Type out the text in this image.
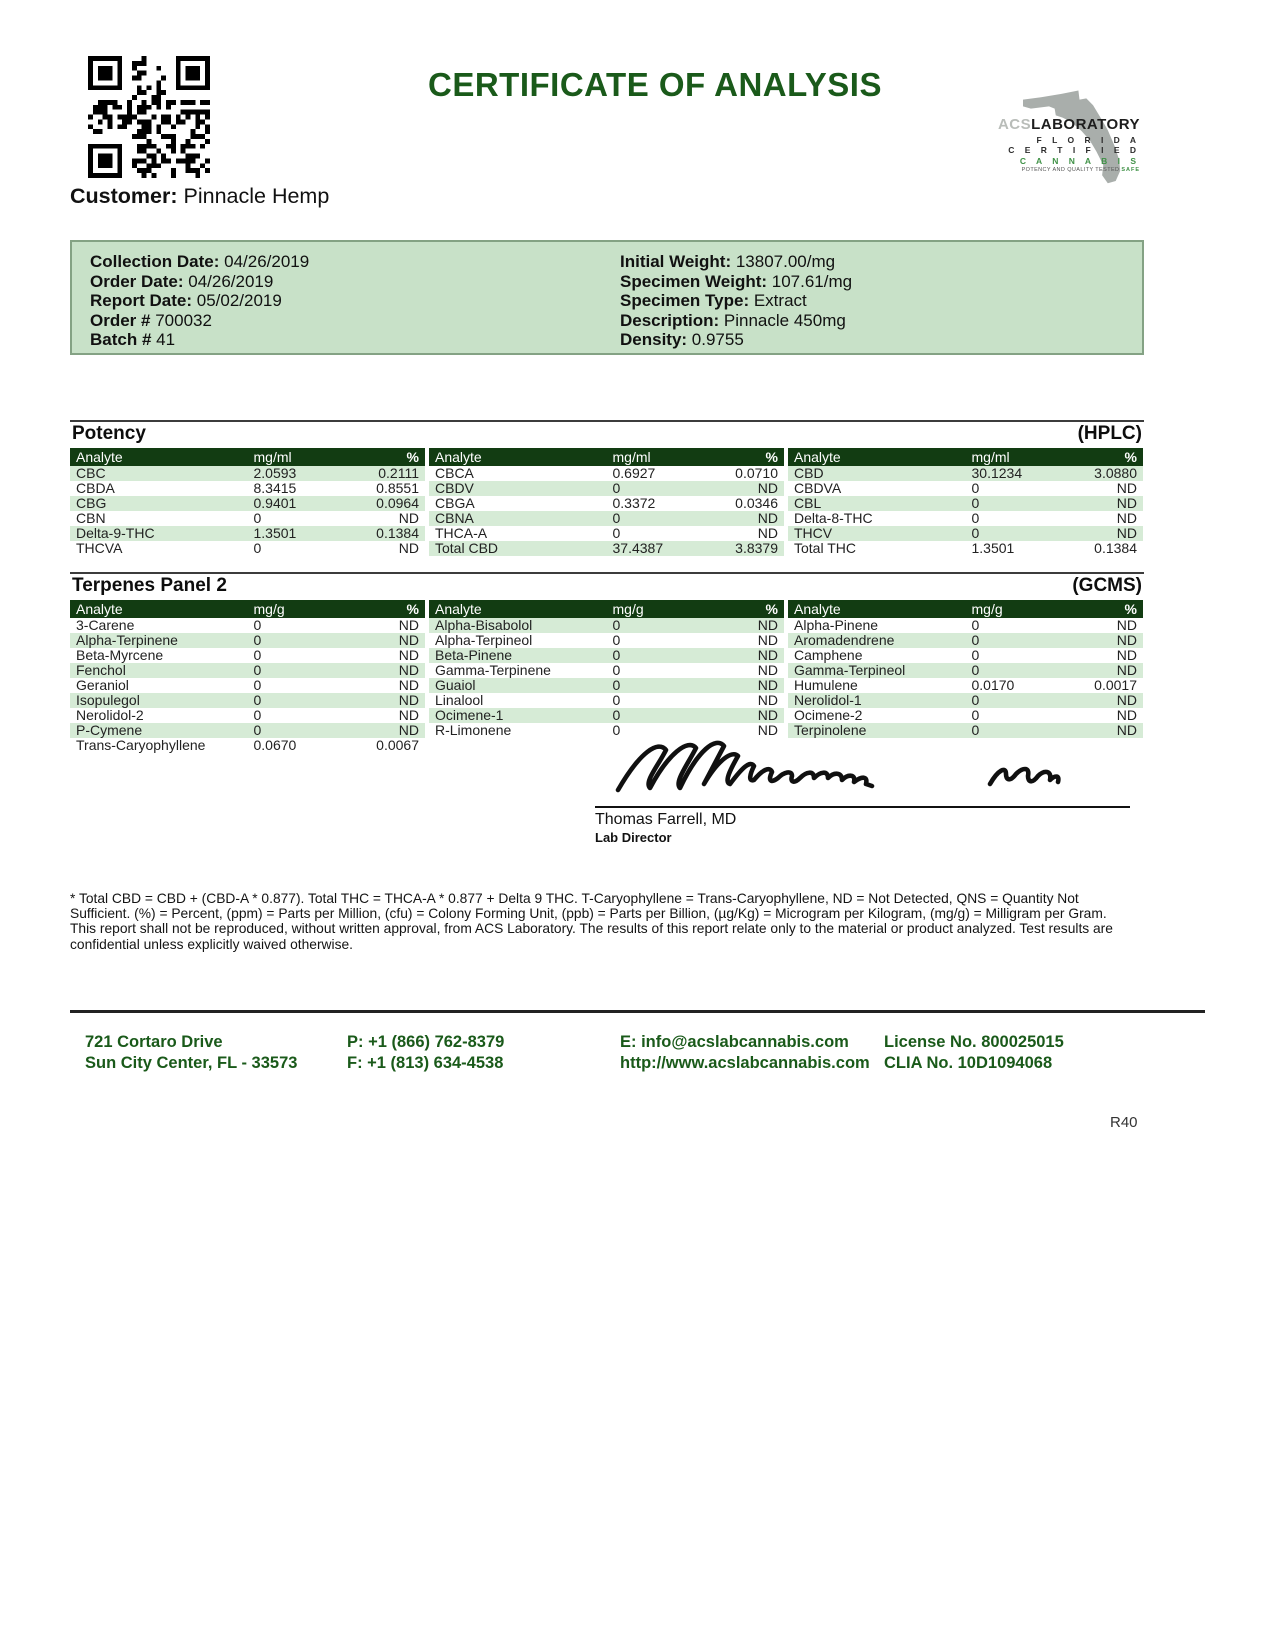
CERTIFICATE OF ANALYSIS
ACSLABORATORY
F L O R I D A
C E R T I F I E D
C A N N A B I S
POTENCY AND QUALITY TESTED SAFE
Customer: Pinnacle Hemp
Collection Date: 04/26/2019
Order Date: 04/26/2019
Report Date: 05/02/2019
Order # 700032
Batch # 41
Initial Weight: 13807.00/mg
Specimen Weight: 107.61/mg
Specimen Type: Extract
Description: Pinnacle 450mg
Density: 0.9755
Potency	(HPLC)
Analyte	mg/ml	%
CBC	2.0593	0.2111
CBDA	8.3415	0.8551
CBG	0.9401	0.0964
CBN	0	ND
Delta-9-THC	1.3501	0.1384
THCVA	0	ND
Analyte	mg/ml	%
CBCA	0.6927	0.0710
CBDV	0	ND
CBGA	0.3372	0.0346
CBNA	0	ND
THCA-A	0	ND
Total CBD	37.4387	3.8379
Analyte	mg/ml	%
CBD	30.1234	3.0880
CBDVA	0	ND
CBL	0	ND
Delta-8-THC	0	ND
THCV	0	ND
Total THC	1.3501	0.1384
Terpenes Panel 2	(GCMS)
Analyte	mg/g	%
3-Carene	0	ND
Alpha-Terpinene	0	ND
Beta-Myrcene	0	ND
Fenchol	0	ND
Geraniol	0	ND
Isopulegol	0	ND
Nerolidol-2	0	ND
P-Cymene	0	ND
Trans-Caryophyllene	0.0670	0.0067
Analyte	mg/g	%
Alpha-Bisabolol	0	ND
Alpha-Terpineol	0	ND
Beta-Pinene	0	ND
Gamma-Terpinene	0	ND
Guaiol	0	ND
Linalool	0	ND
Ocimene-1	0	ND
R-Limonene	0	ND
Analyte	mg/g	%
Alpha-Pinene	0	ND
Aromadendrene	0	ND
Camphene	0	ND
Gamma-Terpineol	0	ND
Humulene	0.0170	0.0017
Nerolidol-1	0	ND
Ocimene-2	0	ND
Terpinolene	0	ND
Thomas Farrell, MD
Lab Director

* Total CBD = CBD + (CBD-A * 0.877). Total THC = THCA-A * 0.877 + Delta 9 THC. T-Caryophyllene = Trans-Caryophyllene, ND = Not Detected, QNS = Quantity Not Sufficient. (%) = Percent, (ppm) = Parts per Million, (cfu) = Colony Forming Unit, (ppb) = Parts per Billion, (µg/Kg) = Microgram per Kilogram, (mg/g) = Milligram per Gram.

This report shall not be reproduced, without written approval, from ACS Laboratory. The results of this report relate only to the material or product analyzed. Test results are confidential unless explicitly waived otherwise.

721 Cortaro Drive
Sun City Center, FL - 33573
P: +1 (866) 762-8379
F: +1 (813) 634-4538
E: info@acslabcannabis.com
http://www.acslabcannabis.com
License No. 800025015
CLIA No. 10D1094068
R40
